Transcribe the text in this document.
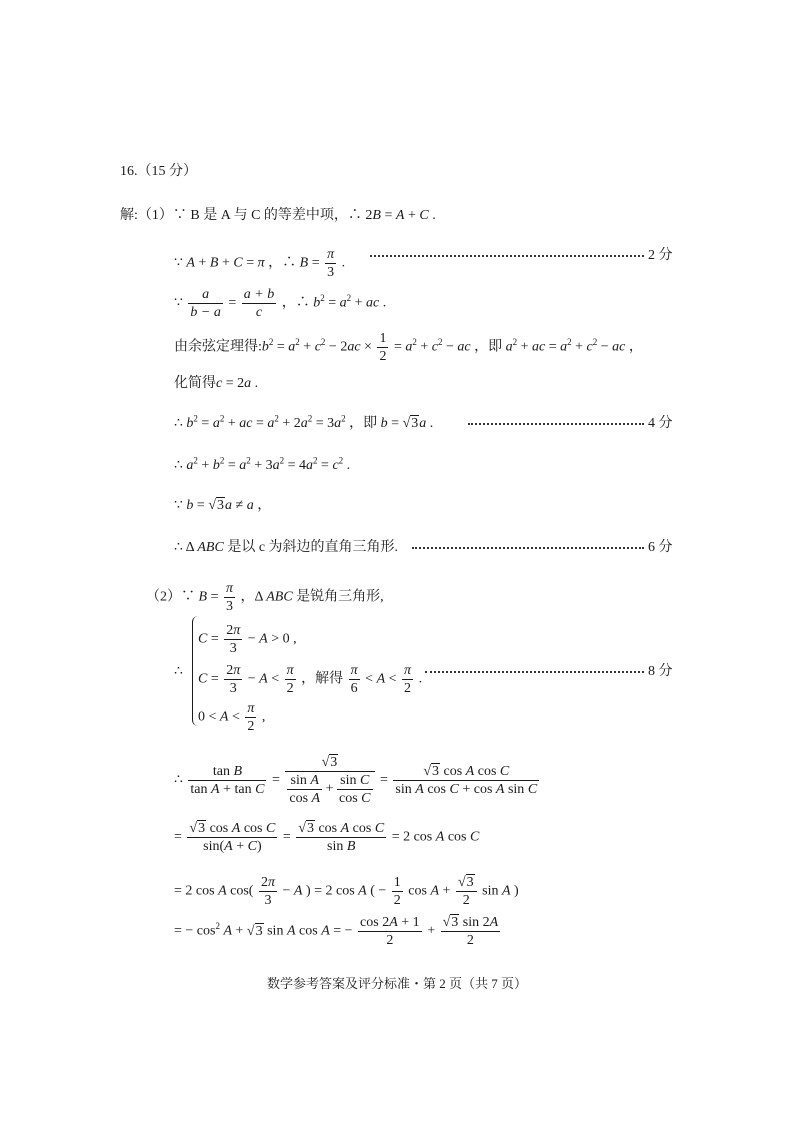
16.（15 分）
解:（1）∵ B 是 A 与 C 的等差中项，∴ 2B = A + C .
∵ A + B + C = π ，∴ $B = \frac{\pi}{3}$ .
2 分
∵ $\frac{a}{b - a} = \frac{a + b}{c}$ ，∴ $b^2 = a^2$ + ac .
由余弦定理得$:b^2 = a^2 + c^2 - 2ac \times \frac{1}{2} = a^2 + c^2$ − ac ，即 $a^2$ + ac = $a^2 + c^2$ − ac ，
化简得c = 2a .
∴ $b^2 = a^2$ + ac = $a^2 + 2a^2 = 3a^2$ ，即 b = √3a .	4 分
∴ $a^2 + b^2 = a^2 + 3a^2 = 4a^2 = c^2$ .
∵ b = √3a ≠ a ，
∴ Δ ABC 是以 c 为斜边的直角三角形.	6 分
（2）∵ $B = \frac{\pi}{3}$ ，Δ ABC 是锐角三角形,
∴
$C = \frac{2\pi}{3} - A > 0$ ,
$C = \frac{2\pi}{3} - A < \frac{\pi}{2}$ ，解得 $\frac{\pi}{6} < A < \frac{\pi}{2}$ .
$0 < A < \frac{\pi}{2}$ ,
8 分
∴ $\frac{\text{tan B}}{\text{tan A + tan C}} = \frac{√3}{\frac{\text{sin A}}{\text{cos A}} + \frac{\text{sin C}}{\text{cos C}}} = \frac{\text{√3 cos A cos C}}{\text{sin A cos C + cos A sin C}}$
= $\frac{\text{√3 cos A cos C}}{\sin(A + C)} = \frac{\text{√3 cos A cos C}}{\text{sin B}} = 2$ cos A cos C
= 2 cos A $\cos( \frac{2\pi}{3} - A$ ) = 2 cos A ( − $\frac{1}{2}$ $\cos A + \frac{√3}{2}$ sin A )
= − $\cos^2 A + √3$ sin A cos A = − $\frac{\cos 2A + 1}{2} + \frac{√3 \sin 2A}{2}$
数学参考答案及评分标准・第 2 页（共 7 页）
